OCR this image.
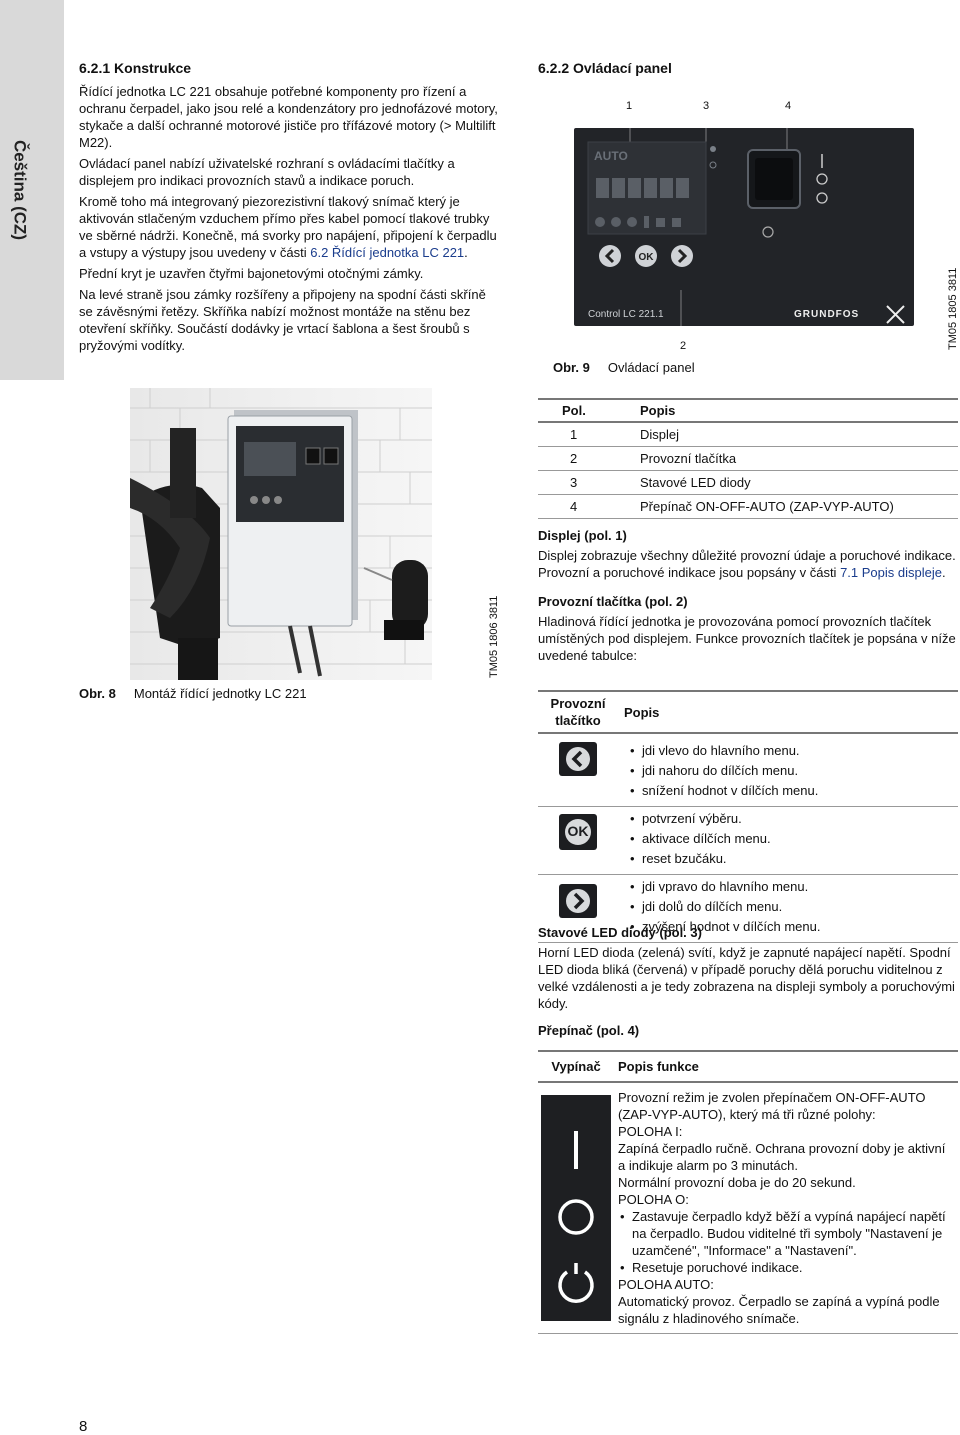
Čeština (CZ)
6.2.1 Konstrukce

Řídící jednotka LC 221 obsahuje potřebné komponenty pro řízení a ochranu čerpadel, jako jsou relé a kondenzátory pro jednofázové motory, stykače a další ochranné motorové jističe pro třífázové motory (> Multilift M22).

Ovládací panel nabízí uživatelské rozhraní s ovládacími tlačítky a displejem pro indikaci provozních stavů a indikace poruch.

Kromě toho má integrovaný piezorezistivní tlakový snímač který je aktivován stlačeným vzduchem přímo přes kabel pomocí tlakové trubky ve sběrné nádrži. Konečně, má svorky pro napájení, připojení k čerpadlu a vstupy a výstupy jsou uvedeny v části 6.2 Řídící jednotka LC 221.

Přední kryt je uzavřen čtyřmi bajonetovými otočnými zámky.

Na levé straně jsou zámky rozšířeny a připojeny na spodní části skříně se závěsnými řetězy. Skříňka nabízí možnost montáže na stěnu bez otevření skříňky. Součástí dodávky je vrtací šablona a šest šroubů s pryžovými vodítky.

TM05 1806 3811
Obr. 8 Montáž řídící jednotky LC 221
8
6.2.2 Ovládací panel
1	3	4
2
AUTO
OK
Control LC 221.1	GRUNDFOS	TM05 1805 3811
Obr. 9 Ovládací panel
Pol.	Popis
1	Displej
2	Provozní tlačítka
3	Stavové LED diody
4	Přepínač ON-OFF-AUTO (ZAP-VYP-AUTO)
Displej (pol. 1)

Displej zobrazuje všechny důležité provozní údaje a poruchové indikace. Provozní a poruchové indikace jsou popsány v části 7.1 Popis displeje.

Provozní tlačítka (pol. 2)

Hladinová řídící jednotka je provozována pomocí provozních tlačítek umístěných pod displejem. Funkce provozních tlačítek je popsána v níže uvedené tabulce:

Provozní tlačítko
Popis
• jdi vlevo do hlavního menu.
• jdi nahoru do dílčích menu.
• snížení hodnot v dílčích menu.
OK
• potvrzení výběru.
• aktivace dílčích menu.
• reset bzučáku.
• jdi vpravo do hlavního menu.
• jdi dolů do dílčích menu.
• zvýšení hodnot v dílčích menu.
Stavové LED diody (pol. 3)

Horní LED dioda (zelená) svítí, když je zapnuté napájecí napětí. Spodní LED dioda bliká (červená) v případě poruchy dělá poruchu viditelnou z velké vzdálenosti a je tedy zobrazena na displeji symboly a poruchovými kódy.

Přepínač (pol. 4)
Vypínač	Popis funkce

Provozní režim je zvolen přepínačem ON-OFF-AUTO (ZAP-VYP-AUTO), který má tři různé polohy:

POLOHA I:

Zapíná čerpadlo ručně. Ochrana provozní doby je aktivní a indikuje alarm po 3 minutách.

Normální provozní doba je do 20 sekund.

POLOHA O:

• Zastavuje čerpadlo když běží a vypíná napájecí napětí na čerpadlo. Budou viditelné tři symboly "Nastavení je uzamčené", "Informace" a "Nastavení".
• Resetuje poruchové indikace.

POLOHA AUTO:

Automatický provoz. Čerpadlo se zapíná a vypíná podle signálu z hladinového snímače.
